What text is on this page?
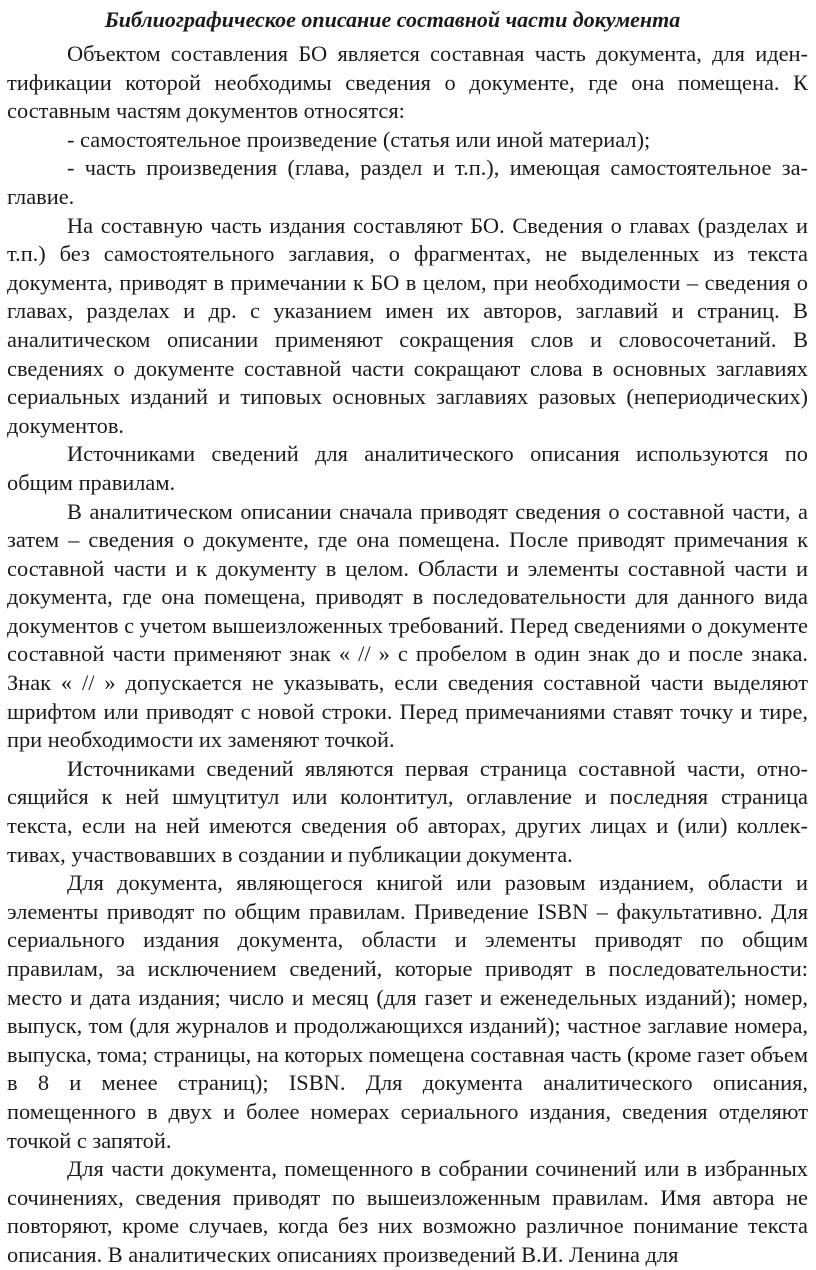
Библиографическое описание составной части документа

Объектом составления БО является составная часть документа, для идентификации которой необходимы сведения о документе, где она помещена. К составным частям документов относятся:

- самостоятельное произведение (статья или иной материал);

- часть произведения (глава, раздел и т.п.), имеющая самостоятельное заглавие.

На составную часть издания составляют БО. Сведения о главах (разделах и т.п.) без самостоятельного заглавия, о фрагментах, не выделенных из текста документа, приводят в примечании к БО в целом, при необходимости – сведения о главах, разделах и др. с указанием имен их авторов, заглавий и страниц. В аналитическом описании применяют сокращения слов и словосочетаний. В сведениях о документе составной части сокращают слова в основных заглавиях сериальных изданий и типовых основных заглавиях разовых (непериодических) документов.

Источниками сведений для аналитического описания используются по общим правилам.

В аналитическом описании сначала приводят сведения о составной части, а затем – сведения о документе, где она помещена. После приводят примечания к составной части и к документу в целом. Области и элементы составной части и документа, где она помещена, приводят в последовательности для данного вида документов с учетом вышеизложенных требований. Перед сведениями о документе составной части применяют знак « // » с пробелом в один знак до и после знака. Знак « // » допускается не указывать, если сведения составной части выделяют шрифтом или приводят с новой строки. Перед примечаниями ставят точку и тире, при необходимости их заменяют точкой.

Источниками сведений являются первая страница составной части, относящийся к ней шмуцтитул или колонтитул, оглавление и последняя страница текста, если на ней имеются сведения об авторах, других лицах и (или) коллективах, участвовавших в создании и публикации документа.

Для документа, являющегося книгой или разовым изданием, области и элементы приводят по общим правилам. Приведение ISBN – факультативно. Для сериального издания документа, области и элементы приводят по общим правилам, за исключением сведений, которые приводят в последовательности: место и дата издания; число и месяц (для газет и еженедельных изданий); номер, выпуск, том (для журналов и продолжающихся изданий); частное заглавие номера, выпуска, тома; страницы, на которых помещена составная часть (кроме газет объем в 8 и менее страниц); ISBN. Для документа аналитического описания, помещенного в двух и более номерах сериального издания, сведения отделяют точкой с запятой.

Для части документа, помещенного в собрании сочинений или в избранных сочинениях, сведения приводят по вышеизложенным правилам. Имя автора не повторяют, кроме случаев, когда без них возможно различное понимание текста описания. В аналитических описаниях произведений В.И. Ленина для
